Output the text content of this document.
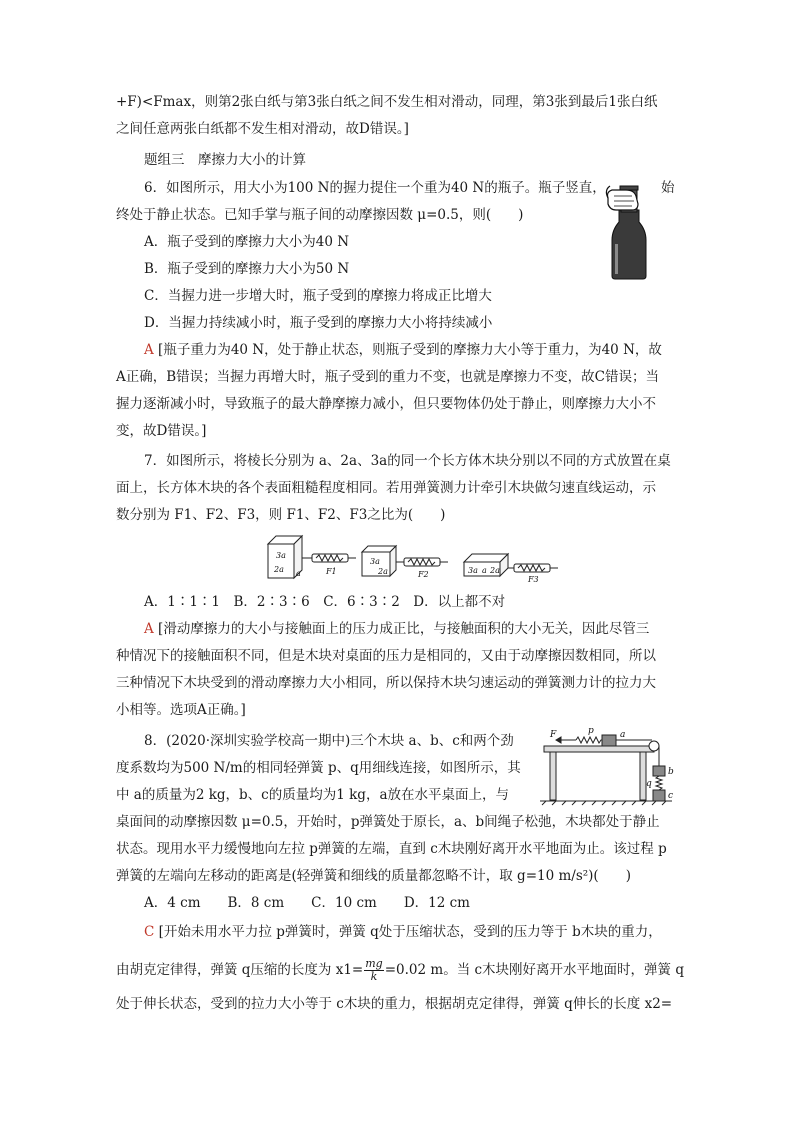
+F)<Fmax，则第2张白纸与第3张白纸之间不发生相对滑动，同理，第3张到最后1张白纸
之间任意两张白纸都不发生相对滑动，故D错误。]
题组三　摩擦力大小的计算
6．如图所示，用大小为100 N的握力提住一个重为40 N的瓶子。瓶子竖直，	始
终处于静止状态。已知手掌与瓶子间的动摩擦因数 μ=0.5，则(　　)
A．瓶子受到的摩擦力大小为40 N
B．瓶子受到的摩擦力大小为50 N
C．当握力进一步增大时，瓶子受到的摩擦力将成正比增大
D．当握力持续减小时，瓶子受到的摩擦力大小将持续减小
A [瓶子重力为40 N，处于静止状态，则瓶子受到的摩擦力大小等于重力，为40 N，故
A正确，B错误；当握力再增大时，瓶子受到的重力不变，也就是摩擦力不变，故C错误；当
握力逐渐减小时，导致瓶子的最大静摩擦力减小，但只要物体仍处于静止，则摩擦力大小不
变，故D错误。]
7．如图所示，将棱长分别为 a、2a、3a的同一个长方体木块分别以不同的方式放置在桌
面上，长方体木块的各个表面粗糙程度相同。若用弹簧测力计牵引木块做匀速直线运动，示
数分别为 F1、F2、F3，则 F1、F2、F3之比为(　　)
A．1∶1∶1　B．2∶3∶6　C．6∶3∶2　D．以上都不对
A [滑动摩擦力的大小与接触面上的压力成正比，与接触面积的大小无关，因此尽管三
种情况下的接触面积不同，但是木块对桌面的压力是相同的，又由于动摩擦因数相同，所以
三种情况下木块受到的滑动摩擦力大小相同，所以保持木块匀速运动的弹簧测力计的拉力大
小相等。选项A正确。]
8．(2020·深圳实验学校高一期中)三个木块 a、b、c和两个劲
度系数均为500 N/m的相同轻弹簧 p、q用细线连接，如图所示，其
中 a的质量为2 kg，b、c的质量均为1 kg，a放在水平桌面上，与
桌面间的动摩擦因数 μ=0.5，开始时，p弹簧处于原长，a、b间绳子松弛，木块都处于静止
状态。现用水平力缓慢地向左拉 p弹簧的左端，直到 c木块刚好离开水平地面为止。该过程 p
弹簧的左端向左移动的距离是(轻弹簧和细线的质量都忽略不计，取 g=10 m/s²)(　　)
A．4 cm　　B．8 cm　　C．10 cm　　D．12 cm
C [开始未用水平力拉 p弹簧时，弹簧 q处于压缩状态，受到的压力等于 b木块的重力，
由胡克定律得，弹簧 q压缩的长度为 $x1= \frac{mg}{k} =0.02$ m。当 c木块刚好离开水平地面时，弹簧 q
处于伸长状态，受到的拉力大小等于 c木块的重力，根据胡克定律得，弹簧 q伸长的长度 x2=
3a
2a a	F1
3a
2a	F2	3a a 2a
F3
F	p	a
b
q
c
